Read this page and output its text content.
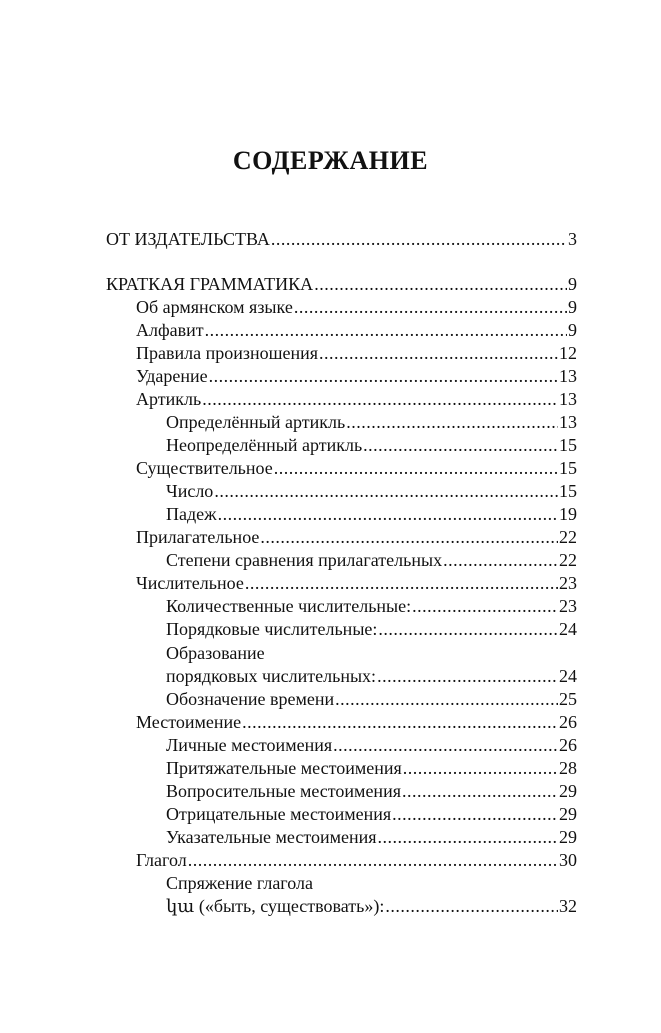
СОДЕРЖАНИЕ
ОТ ИЗДАТЕЛЬСТВА .....	3
КРАТКАЯ ГРАММАТИКА .....	9
Об армянском языке .....	9
Алфавит .....	9
Правила произношения .....	12
Ударение .....	13
Артикль .....	13
Определённый артикль .....	13
Неопределённый артикль .....	15
Существительное .....	15
Число .....	15
Падеж .....	19
Прилагательное .....	22
Степени сравнения прилагательных .....	22
Числительное .....	23
Количественные числительные: .....	23
Порядковые числительные: .....	24
Образование
порядковых числительных: .....	24
Обозначение времени .....	25
Местоимение .....	26
Личные местоимения .....	26
Притяжательные местоимения .....	28
Вопросительные местоимения .....	29
Отрицательные местоимения .....	29
Указательные местоимения .....	29
Глагол .....	30
Спряжение глагола
կա («быть, существовать»): .....	32
